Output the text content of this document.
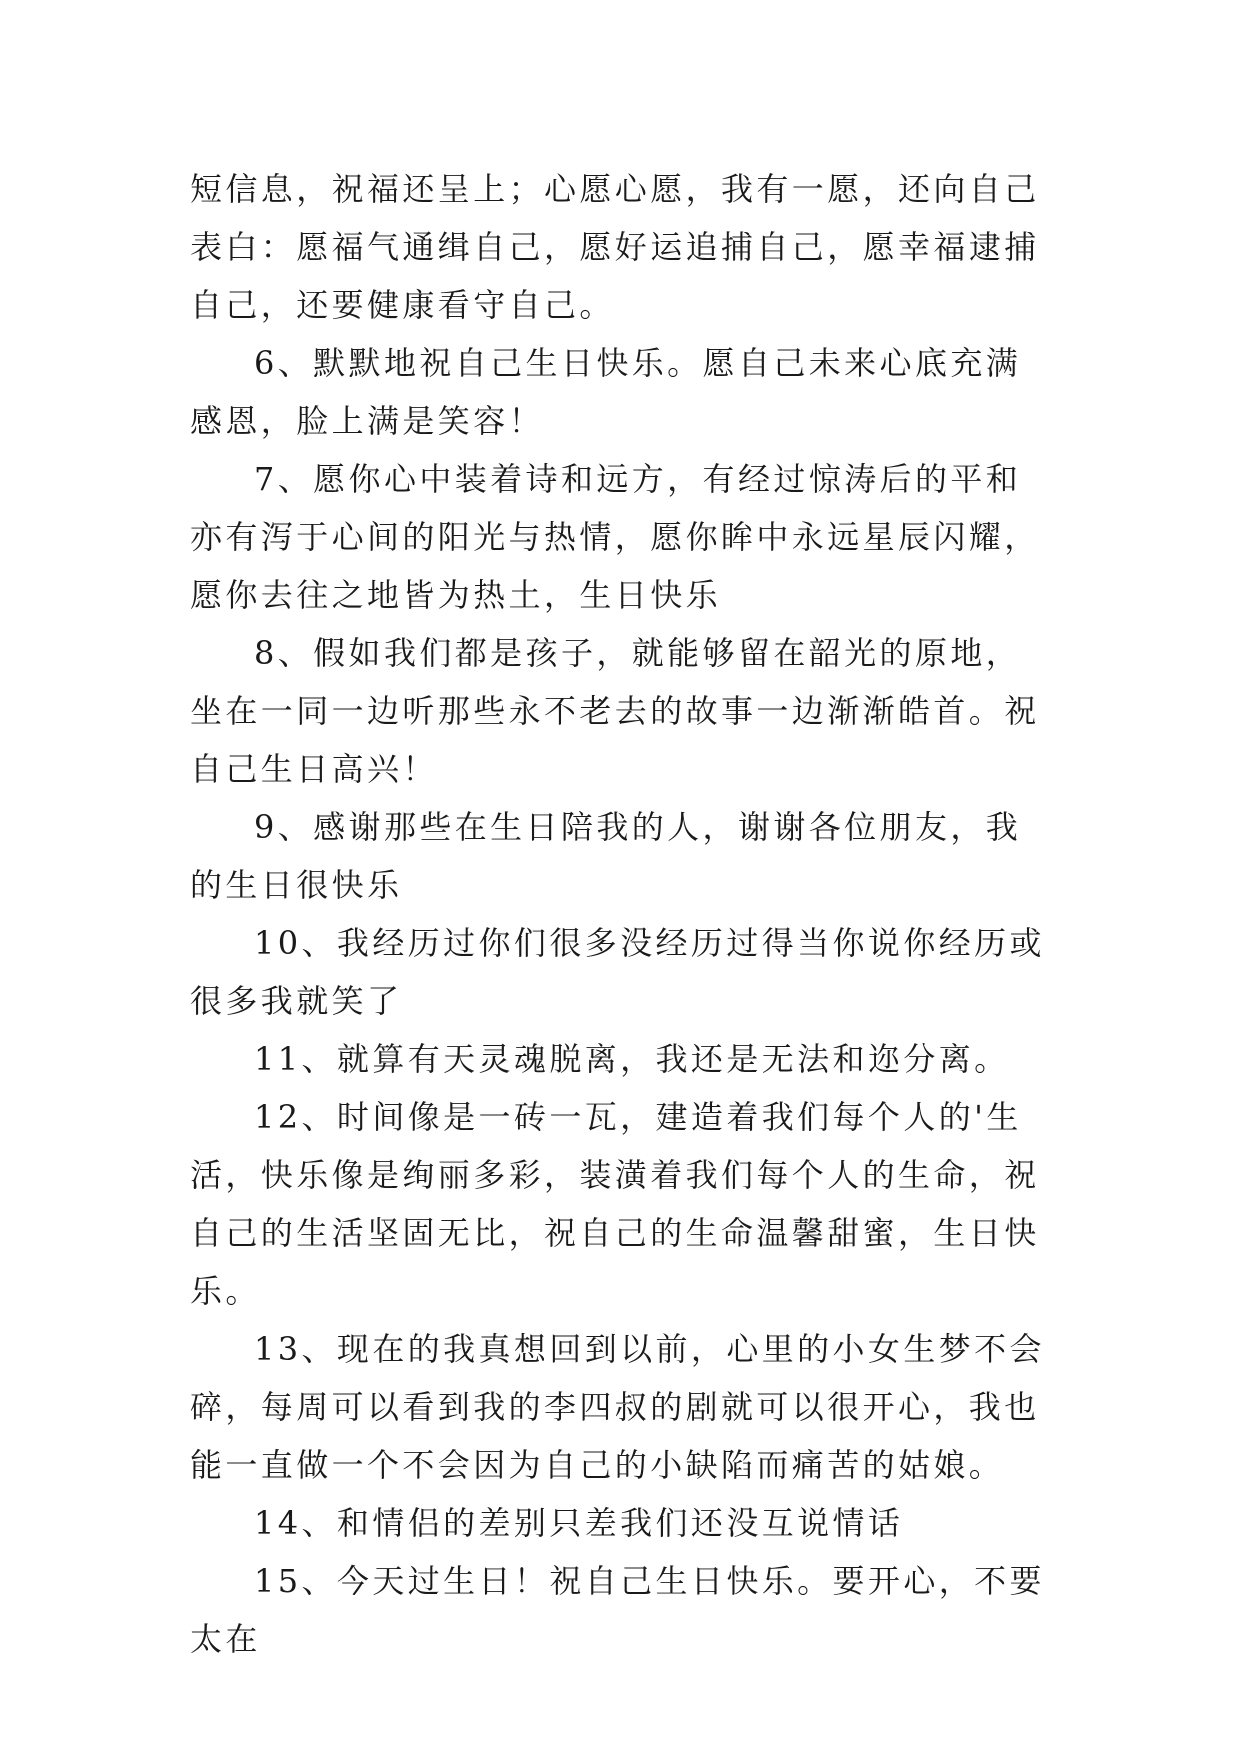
短信息，祝福还呈上；心愿心愿，我有一愿，还向自己表白：愿福气通缉自己，愿好运追捕自己，愿幸福逮捕自己，还要健康看守自己。

6、默默地祝自己生日快乐。愿自己未来心底充满感恩，脸上满是笑容！

7、愿你心中装着诗和远方，有经过惊涛后的平和亦有泻于心间的阳光与热情，愿你眸中永远星辰闪耀，愿你去往之地皆为热土，生日快乐

8、假如我们都是孩子，就能够留在韶光的原地，坐在一同一边听那些永不老去的故事一边渐渐皓首。祝自己生日高兴！

9、感谢那些在生日陪我的人，谢谢各位朋友，我的生日很快乐

10、我经历过你们很多没经历过得当你说你经历或很多我就笑了

11、就算有天灵魂脱离，我还是无法和迩分离。

12、时间像是一砖一瓦，建造着我们每个人的'生活，快乐像是绚丽多彩，装潢着我们每个人的生命，祝自己的生活坚固无比，祝自己的生命温馨甜蜜，生日快乐。

13、现在的我真想回到以前，心里的小女生梦不会碎，每周可以看到我的李四叔的剧就可以很开心，我也能一直做一个不会因为自己的小缺陷而痛苦的姑娘。

14、和情侣的差别只差我们还没互说情话

15、今天过生日！祝自己生日快乐。要开心，不要太在
